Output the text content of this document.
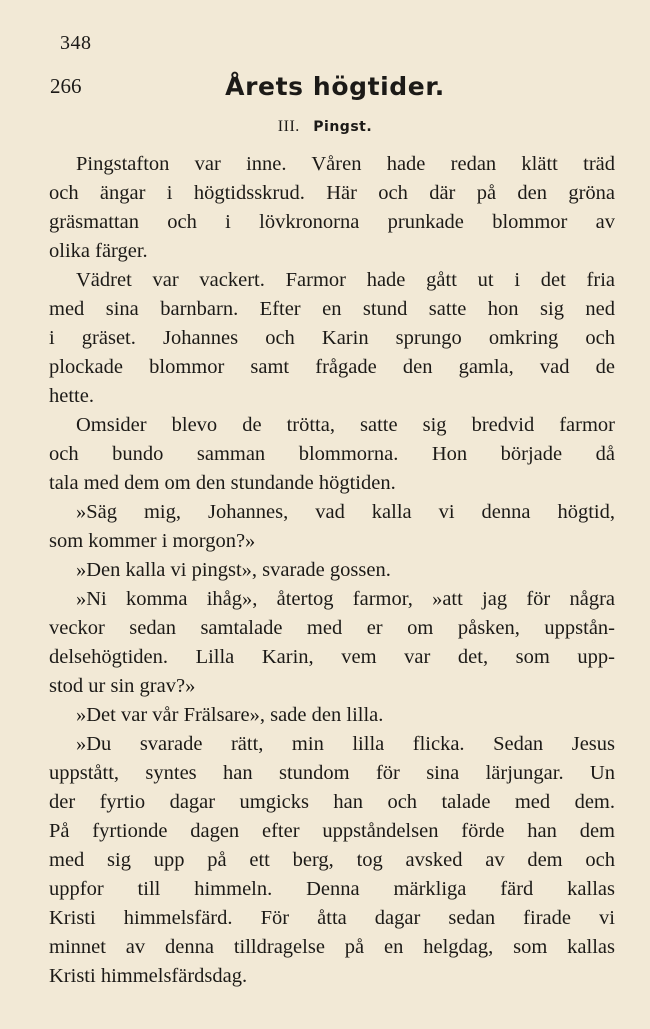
348
266	Årets högtider.
III. Pingst.
Pingstafton var inne. Våren hade redan klätt träd
och ängar i högtidsskrud. Här och där på den gröna
gräsmattan och i lövkronorna prunkade blommor av
olika färger.
Vädret var vackert. Farmor hade gått ut i det fria
med sina barnbarn. Efter en stund satte hon sig ned
i gräset. Johannes och Karin sprungo omkring och
plockade blommor samt frågade den gamla, vad de
hette.
Omsider blevo de trötta, satte sig bredvid farmor
och bundo samman blommorna. Hon började då
tala med dem om den stundande högtiden.
»Säg mig, Johannes, vad kalla vi denna högtid,
som kommer i morgon?»
»Den kalla vi pingst», svarade gossen.
»Ni komma ihåg», återtog farmor, »att jag för några
veckor sedan samtalade med er om påsken, uppstån-
delsehögtiden. Lilla Karin, vem var det, som upp-
stod ur sin grav?»
»Det var vår Frälsare», sade den lilla.
»Du svarade rätt, min lilla flicka. Sedan Jesus
uppstått, syntes han stundom för sina lärjungar. Un
der fyrtio dagar umgicks han och talade med dem.
På fyrtionde dagen efter uppståndelsen förde han dem
med sig upp på ett berg, tog avsked av dem och
uppfor till himmeln. Denna märkliga färd kallas
Kristi himmelsfärd. För åtta dagar sedan firade vi
minnet av denna tilldragelse på en helgdag, som kallas
Kristi himmelsfärdsdag.
